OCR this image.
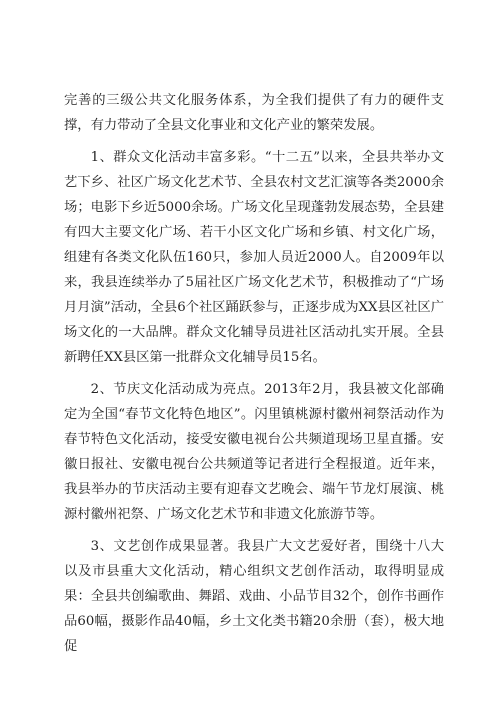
完善的三级公共文化服务体系，为全我们提供了有力的硬件支撑，有力带动了全县文化事业和文化产业的繁荣发展。

1、群众文化活动丰富多彩。“十二五”以来，全县共举办文艺下乡、社区广场文化艺术节、全县农村文艺汇演等各类2000余场；电影下乡近5000余场。广场文化呈现蓬勃发展态势，全县建有四大主要文化广场、若干小区文化广场和乡镇、村文化广场，组建有各类文化队伍160只，参加人员近2000人。自2009年以来，我县连续举办了5届社区广场文化艺术节，积极推动了“广场月月演”活动，全县6个社区踊跃参与，正逐步成为XX县区社区广场文化的一大品牌。群众文化辅导员进社区活动扎实开展。全县新聘任XX县区第一批群众文化辅导员15名。

2、节庆文化活动成为亮点。2013年2月，我县被文化部确定为全国“春节文化特色地区”。闪里镇桃源村徽州祠祭活动作为春节特色文化活动，接受安徽电视台公共频道现场卫星直播。安徽日报社、安徽电视台公共频道等记者进行全程报道。近年来，我县举办的节庆活动主要有迎春文艺晚会、端午节龙灯展演、桃源村徽州祀祭、广场文化艺术节和非遗文化旅游节等。

3、文艺创作成果显著。我县广大文艺爱好者，围绕十八大以及市县重大文化活动，精心组织文艺创作活动，取得明显成果：全县共创编歌曲、舞蹈、戏曲、小品节目32个，创作书画作品60幅，摄影作品40幅，乡土文化类书籍20余册（套），极大地促
